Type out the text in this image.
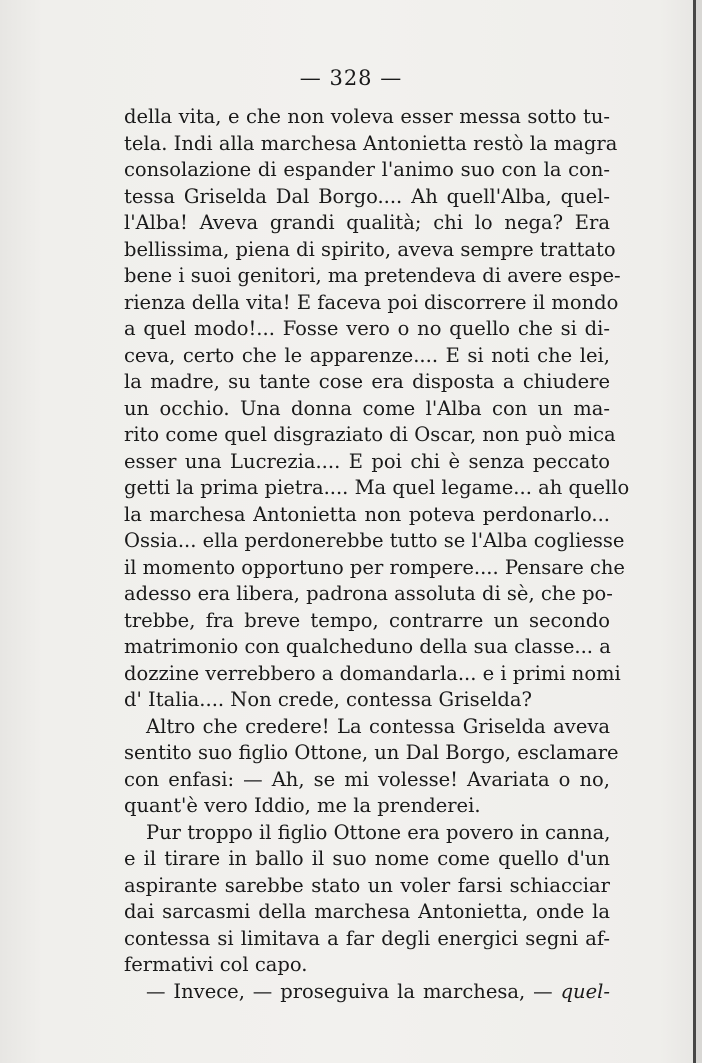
— 328 —
della vita, e che non voleva esser messa sotto tu-
tela. Indi alla marchesa Antonietta restò la magra
consolazione di espander l'animo suo con la con-
tessa Griselda Dal Borgo.... Ah quell'Alba, quel-
l'Alba! Aveva grandi qualità; chi lo nega? Era
bellissima, piena di spirito, aveva sempre trattato
bene i suoi genitori, ma pretendeva di avere espe-
rienza della vita! E faceva poi discorrere il mondo
a quel modo!... Fosse vero o no quello che si di-
ceva, certo che le apparenze.... E si noti che lei,
la madre, su tante cose era disposta a chiudere
un occhio. Una donna come l'Alba con un ma-
rito come quel disgraziato di Oscar, non può mica
esser una Lucrezia.... E poi chi è senza peccato
getti la prima pietra.... Ma quel legame... ah quello
la marchesa Antonietta non poteva perdonarlo...
Ossia... ella perdonerebbe tutto se l'Alba cogliesse
il momento opportuno per rompere.... Pensare che
adesso era libera, padrona assoluta di sè, che po-
trebbe, fra breve tempo, contrarre un secondo
matrimonio con qualcheduno della sua classe... a
dozzine verrebbero a domandarla... e i primi nomi
d' Italia.... Non crede, contessa Griselda?
Altro che credere! La contessa Griselda aveva
sentito suo figlio Ottone, un Dal Borgo, esclamare
con enfasi: — Ah, se mi volesse! Avariata o no,
quant'è vero Iddio, me la prenderei.
Pur troppo il figlio Ottone era povero in canna,
e il tirare in ballo il suo nome come quello d'un
aspirante sarebbe stato un voler farsi schiacciar
dai sarcasmi della marchesa Antonietta, onde la
contessa si limitava a far degli energici segni af-
fermativi col capo.
— Invece, — proseguiva la marchesa, — quel-
